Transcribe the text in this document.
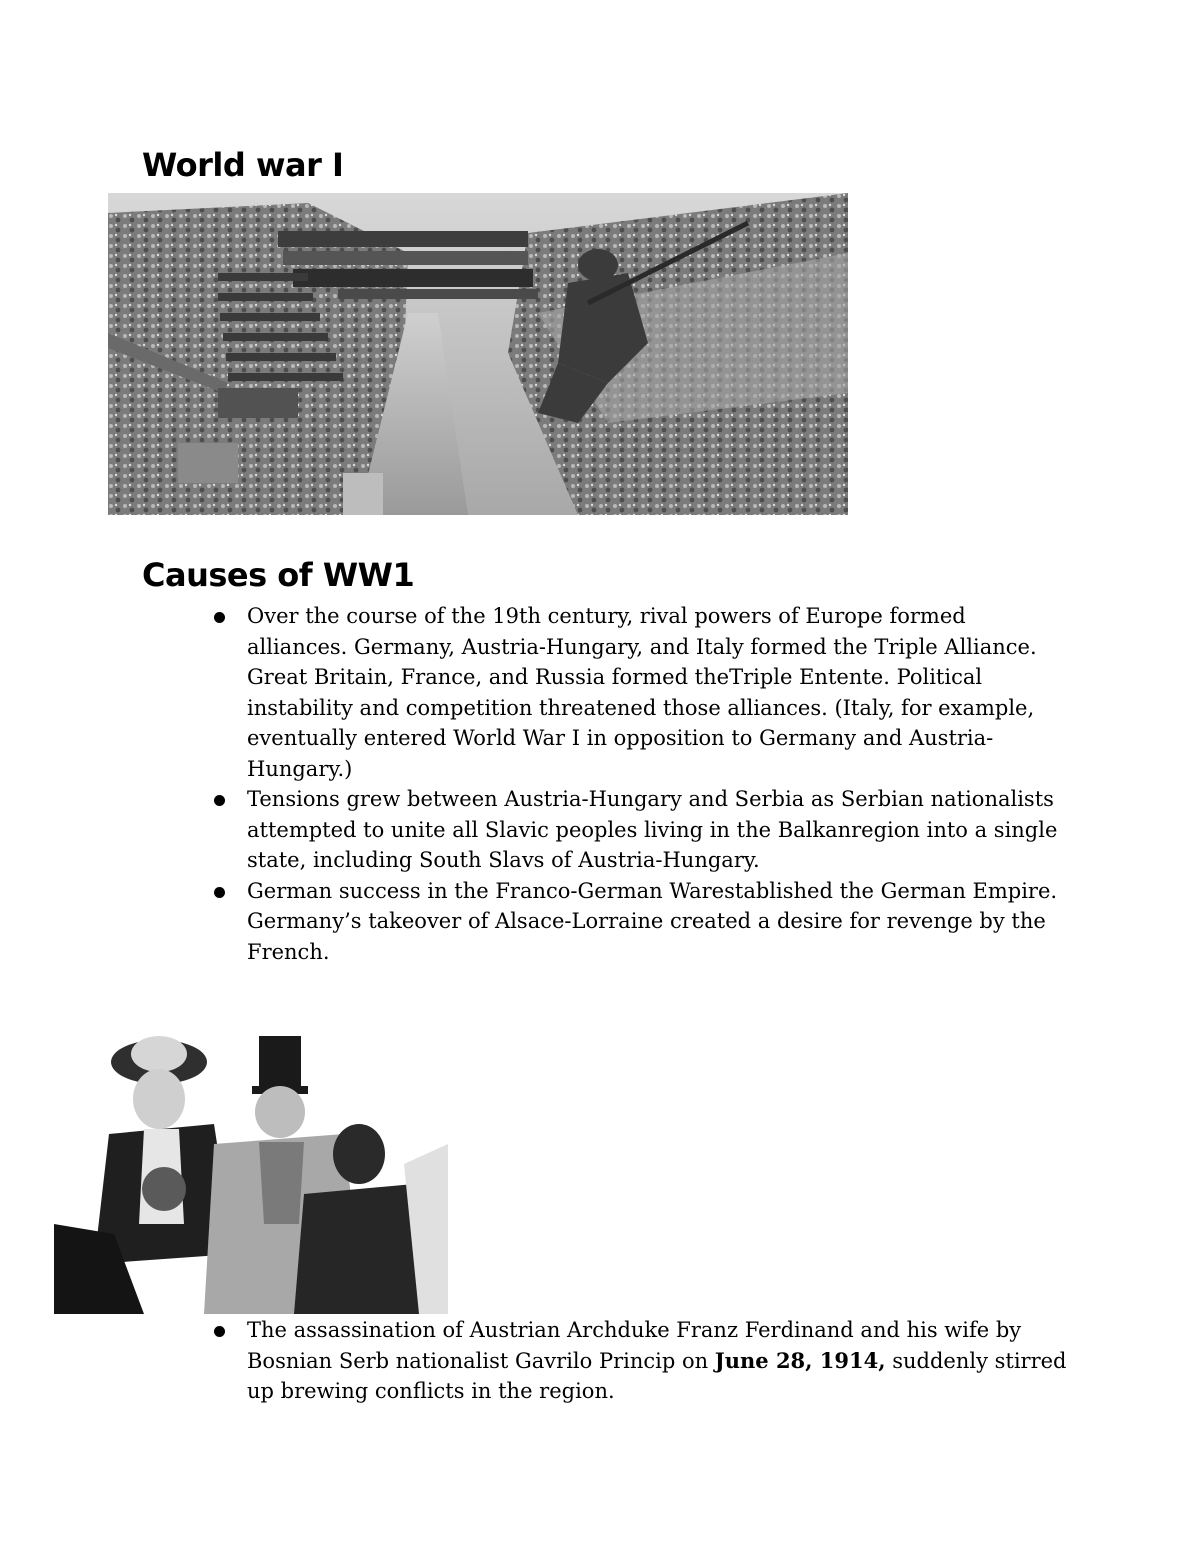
World war I
Causes of WW1
Over the course of the 19th century, rival powers of Europe formed alliances. Germany, Austria-Hungary, and Italy formed the Triple Alliance. Great Britain, France, and Russia formed theTriple Entente. Political instability and competition threatened those alliances. (Italy, for example, eventually entered World War I in opposition to Germany and Austria-Hungary.)
Tensions grew between Austria-Hungary and Serbia as Serbian nationalists attempted to unite all Slavic peoples living in the Balkanregion into a single state, including South Slavs of Austria-Hungary.
German success in the Franco-German Warestablished the German Empire. Germany’s takeover of Alsace-Lorraine created a desire for revenge by the French.
The assassination of Austrian Archduke Franz Ferdinand and his wife by Bosnian Serb nationalist Gavrilo Princip on June 28, 1914, suddenly stirred up brewing conflicts in the region.
